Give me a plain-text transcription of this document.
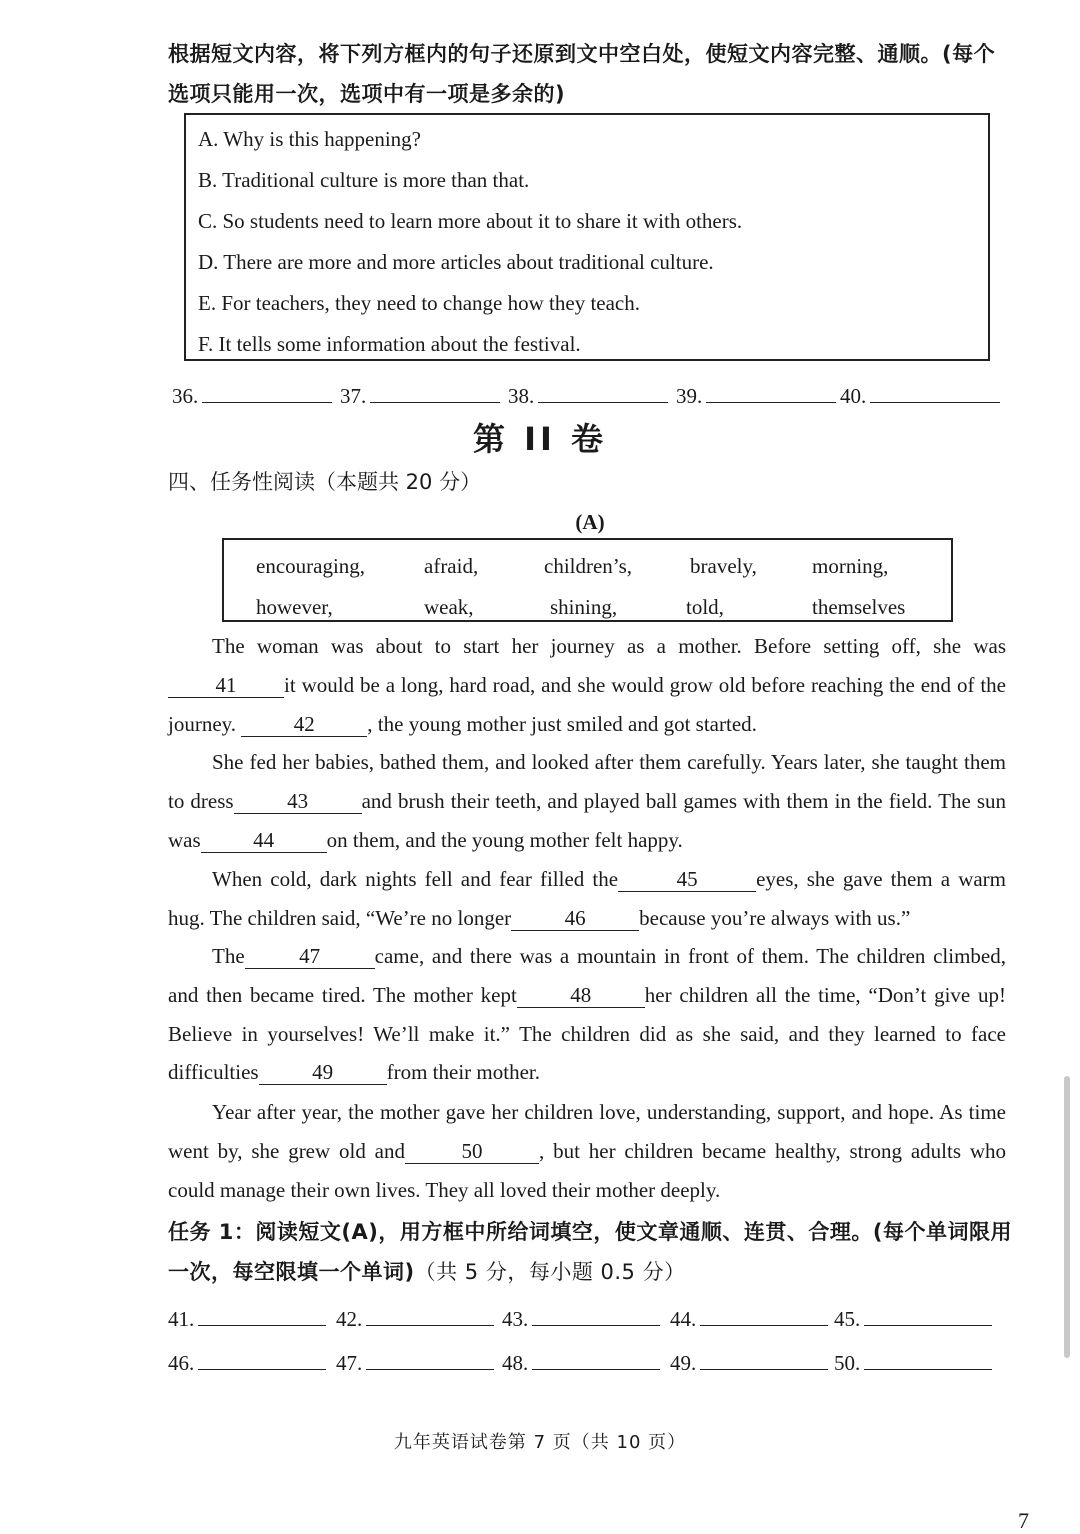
根据短文内容，将下列方框内的句子还原到文中空白处，使短文内容完整、通顺。(每个
选项只能用一次，选项中有一项是多余的)
A. Why is this happening?
B. Traditional culture is more than that.
C. So students need to learn more about it to share it with others.
D. There are more and more articles about traditional culture.
E. For teachers, they need to change how they teach.
F. It tells some information about the festival.
36.	37.	38.	39.	40.
第 II 卷
四、任务性阅读（本题共 20 分）
(A)
encouraging,	afraid,	children’s,	bravely,	morning,
however,	weak,	shining,	told,	themselves
The woman was about to start her journey as a mother. Before setting off, she was41 it would be a long, hard road, and she would grow old before reaching the end of the journey.	42	, the young mother just smiled and got started.
She fed her babies, bathed them, and looked after them carefully. Years later, she taught them to dress	43	and brush their teeth, and played ball games with them in the field. The sun was	44	on them, and the young mother felt happy.
When cold, dark nights fell and fear filled the	45	eyes, she gave them a warm hug. The children said, “We’re no longer	46	because you’re always with us.”
The	47	came, and there was a mountain in front of them. The children climbed, and then became tired. The mother kept	48	her children all the time, “Don’t give up! Believe in yourselves! We’ll make it.” The children did as she said, and they learned to face difficulties	49	from their mother.
Year after year, the mother gave her children love, understanding, support, and hope. As time went by, she grew old and	50	, but her children became healthy, strong adults who could manage their own lives. They all loved their mother deeply.
任务 1：阅读短文(A)，用方框中所给词填空，使文章通顺、连贯、合理。(每个单词限用
一次，每空限填一个单词)（共 5 分，每小题 0.5 分）
41.	42.	43.	44.	45.
46.	47.	48.	49.	50.
九年英语试卷第 7 页（共 10 页）
7
